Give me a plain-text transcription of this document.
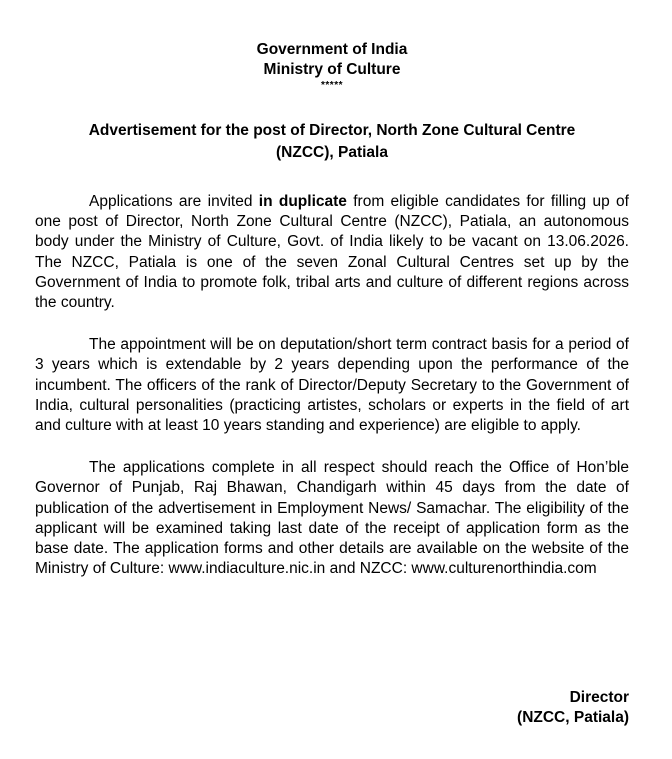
Government of India
Ministry of Culture
*****
Advertisement for the post of Director, North Zone Cultural Centre
(NZCC), Patiala

Applications are invited in duplicate from eligible candidates for filling up of one post of Director, North Zone Cultural Centre (NZCC), Patiala, an autonomous body under the Ministry of Culture, Govt. of India likely to be vacant on 13.06.2026. The NZCC, Patiala is one of the seven Zonal Cultural Centres set up by the Government of India to promote folk, tribal arts and culture of different regions across the country.

The appointment will be on deputation/short term contract basis for a period of 3 years which is extendable by 2 years depending upon the performance of the incumbent. The officers of the rank of Director/Deputy Secretary to the Government of India, cultural personalities (practicing artistes, scholars or experts in the field of art and culture with at least 10 years standing and experience) are eligible to apply.

The applications complete in all respect should reach the Office of Hon’ble Governor of Punjab, Raj Bhawan, Chandigarh within 45 days from the date of publication of the advertisement in Employment News/ Samachar. The eligibility of the applicant will be examined taking last date of the receipt of application form as the base date. The application forms and other details are available on the website of the Ministry of Culture: www.indiaculture.nic.in and NZCC: www.culturenorthindia.com

Director
(NZCC, Patiala)
